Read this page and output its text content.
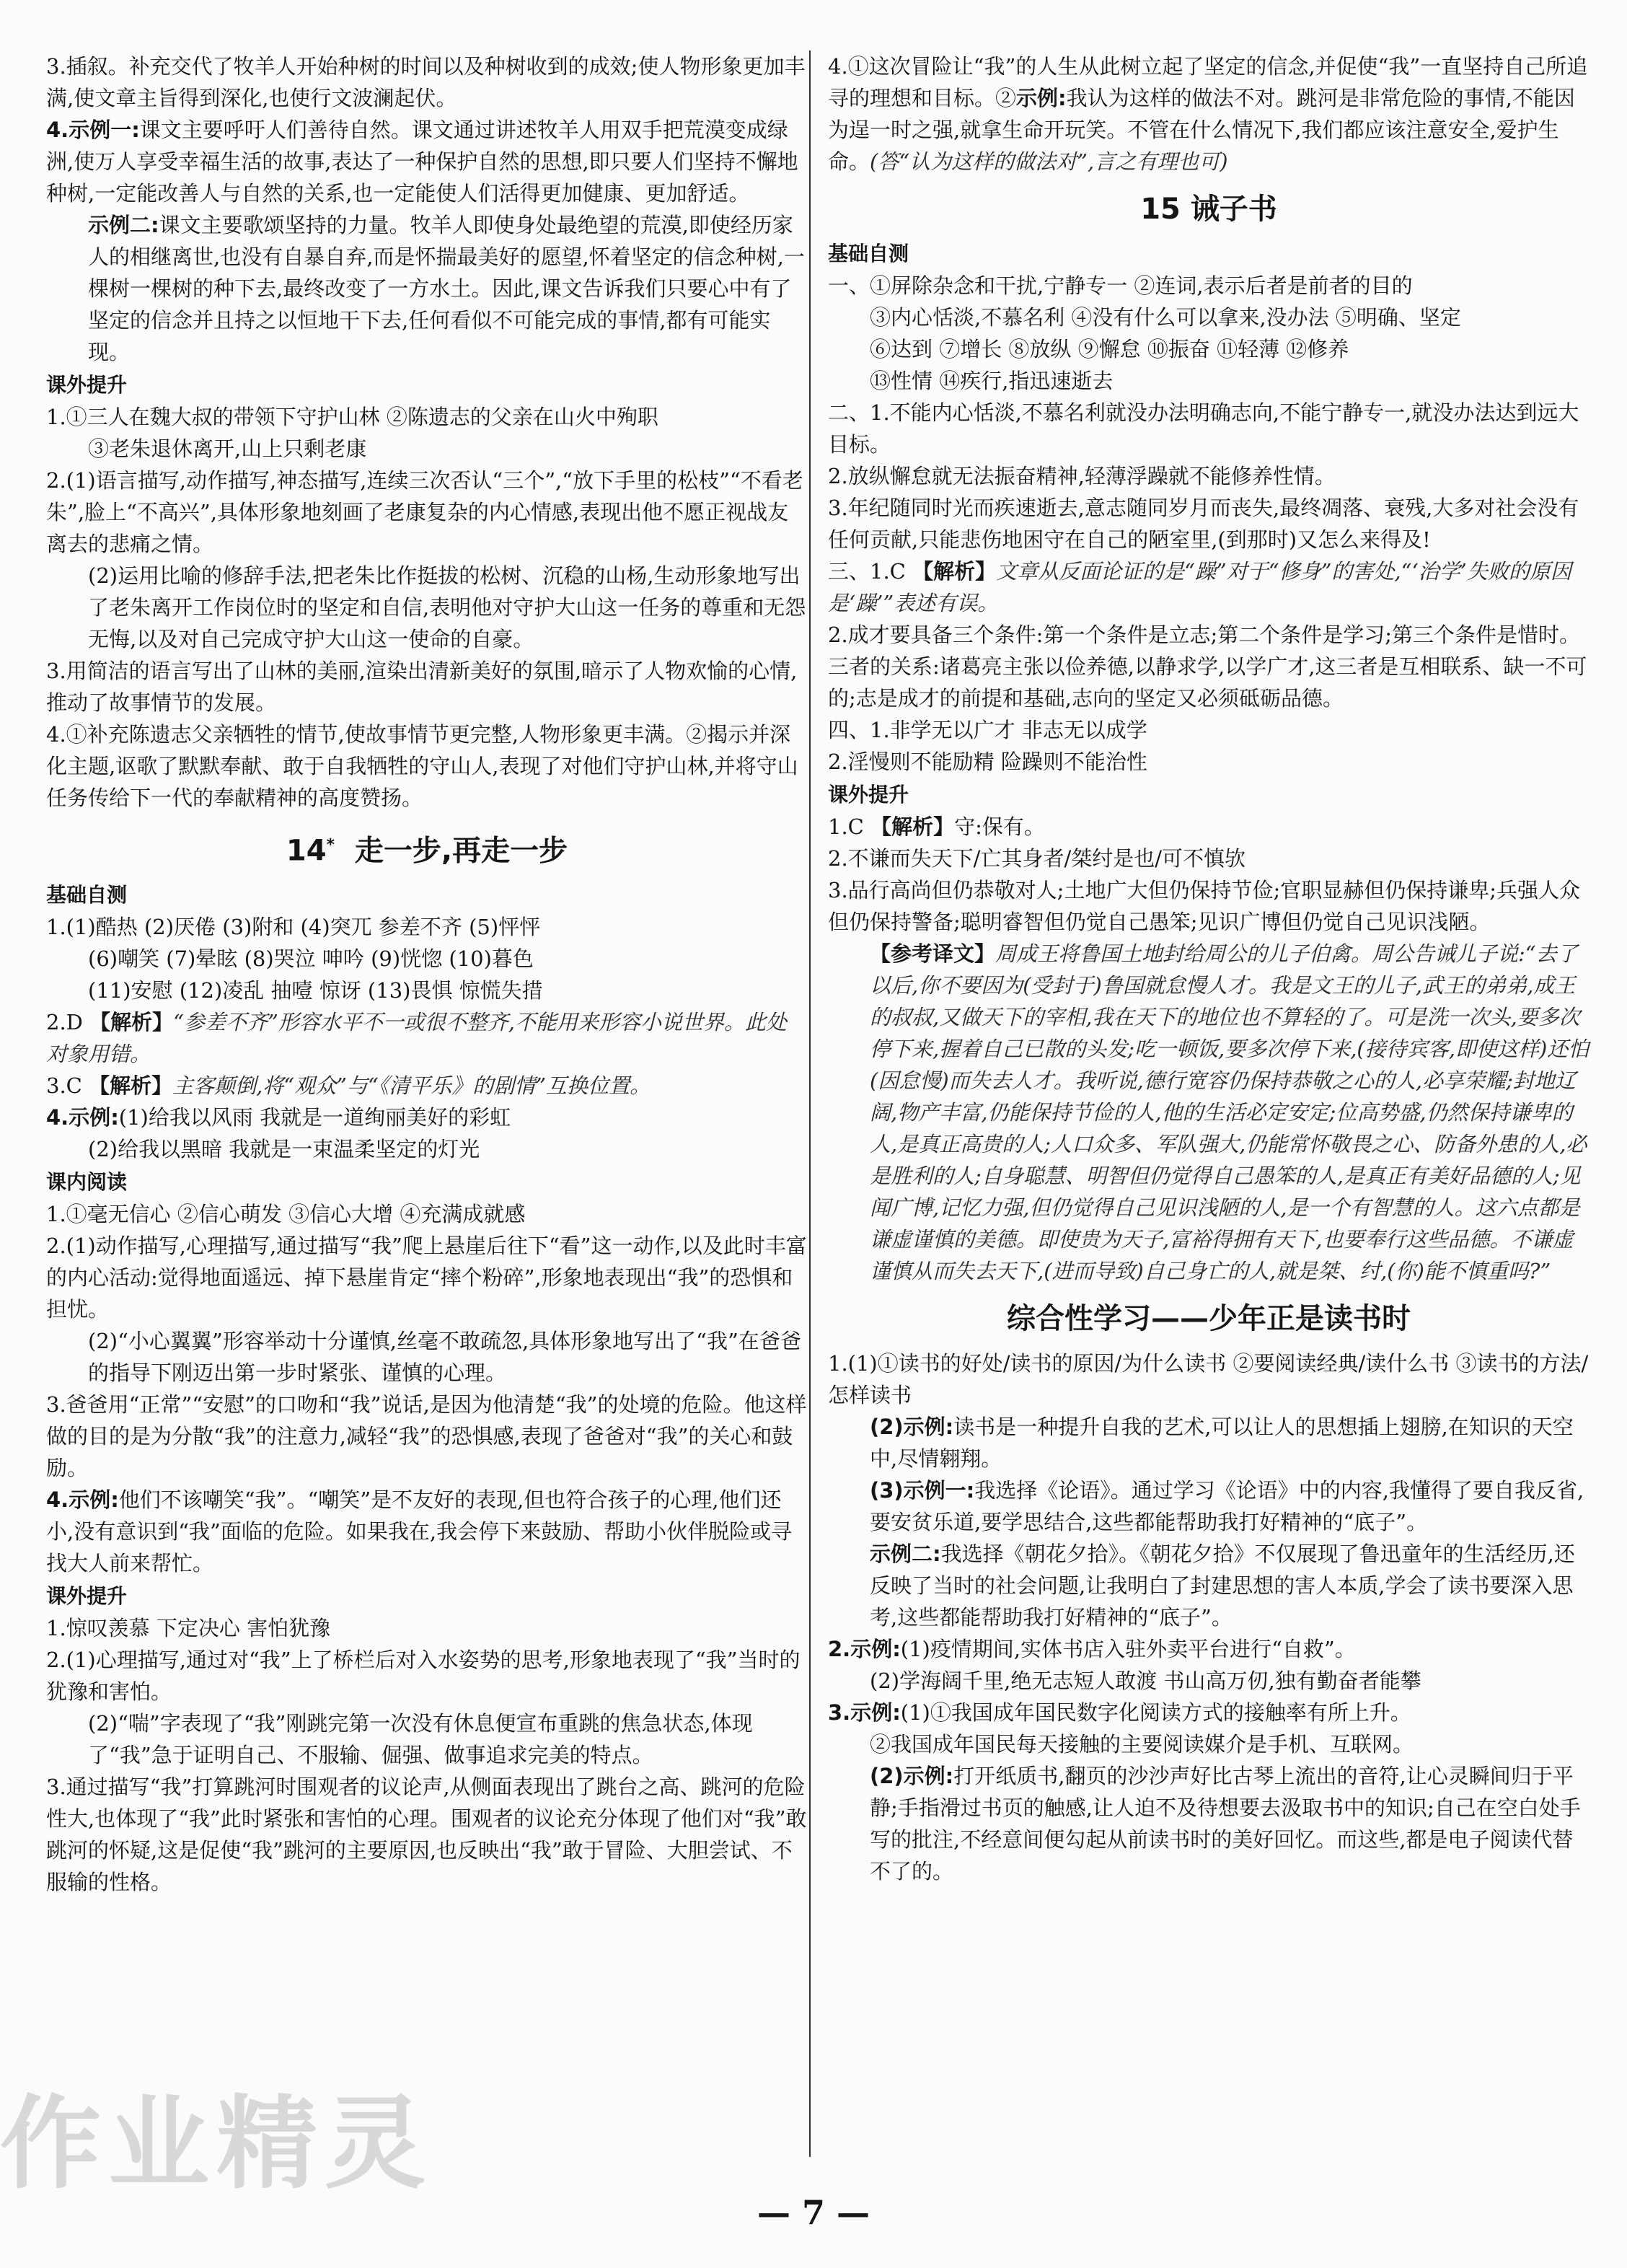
3.插叙。补充交代了牧羊人开始种树的时间以及种树收到的成效;使人物形象更加丰满,使文章主旨得到深化,也使行文波澜起伏。

4.示例一:课文主要呼吁人们善待自然。课文通过讲述牧羊人用双手把荒漠变成绿洲,使万人享受幸福生活的故事,表达了一种保护自然的思想,即只要人们坚持不懈地种树,一定能改善人与自然的关系,也一定能使人们活得更加健康、更加舒适。

示例二:课文主要歌颂坚持的力量。牧羊人即使身处最绝望的荒漠,即使经历家人的相继离世,也没有自暴自弃,而是怀揣最美好的愿望,怀着坚定的信念种树,一棵树一棵树的种下去,最终改变了一方水土。因此,课文告诉我们只要心中有了坚定的信念并且持之以恒地干下去,任何看似不可能完成的事情,都有可能实现。

课外提升

1.①三人在魏大叔的带领下守护山林 ②陈遗志的父亲在山火中殉职

③老朱退休离开,山上只剩老康

2.(1)语言描写,动作描写,神态描写,连续三次否认“三个”,“放下手里的松枝”“不看老朱”,脸上“不高兴”,具体形象地刻画了老康复杂的内心情感,表现出他不愿正视战友离去的悲痛之情。

(2)运用比喻的修辞手法,把老朱比作挺拔的松树、沉稳的山杨,生动形象地写出了老朱离开工作岗位时的坚定和自信,表明他对守护大山这一任务的尊重和无怨无悔,以及对自己完成守护大山这一使命的自豪。

3.用简洁的语言写出了山林的美丽,渲染出清新美好的氛围,暗示了人物欢愉的心情,推动了故事情节的发展。

4.①补充陈遗志父亲牺牲的情节,使故事情节更完整,人物形象更丰满。②揭示并深化主题,讴歌了默默奉献、敢于自我牺牲的守山人,表现了对他们守护山林,并将守山任务传给下一代的奉献精神的高度赞扬。

14* 走一步,再走一步
基础自测

1.(1)酷热 (2)厌倦 (3)附和 (4)突兀 参差不齐 (5)怦怦

(6)嘲笑 (7)晕眩 (8)哭泣 呻吟 (9)恍惚 (10)暮色

(11)安慰 (12)凌乱 抽噎 惊讶 (13)畏惧 惊慌失措

2.D 【解析】“参差不齐”形容水平不一或很不整齐,不能用来形容小说世界。此处对象用错。

3.C 【解析】主客颠倒,将“观众”与“《清平乐》的剧情”互换位置。

4.示例:(1)给我以风雨 我就是一道绚丽美好的彩虹

(2)给我以黑暗 我就是一束温柔坚定的灯光

课内阅读

1.①毫无信心 ②信心萌发 ③信心大增 ④充满成就感

2.(1)动作描写,心理描写,通过描写“我”爬上悬崖后往下“看”这一动作,以及此时丰富的内心活动:觉得地面遥远、掉下悬崖肯定“摔个粉碎”,形象地表现出“我”的恐惧和担忧。

(2)“小心翼翼”形容举动十分谨慎,丝毫不敢疏忽,具体形象地写出了“我”在爸爸的指导下刚迈出第一步时紧张、谨慎的心理。

3.爸爸用“正常”“安慰”的口吻和“我”说话,是因为他清楚“我”的处境的危险。他这样做的目的是为分散“我”的注意力,减轻“我”的恐惧感,表现了爸爸对“我”的关心和鼓励。

4.示例:他们不该嘲笑“我”。“嘲笑”是不友好的表现,但也符合孩子的心理,他们还小,没有意识到“我”面临的危险。如果我在,我会停下来鼓励、帮助小伙伴脱险或寻找大人前来帮忙。

课外提升

1.惊叹羡慕 下定决心 害怕犹豫

2.(1)心理描写,通过对“我”上了桥栏后对入水姿势的思考,形象地表现了“我”当时的犹豫和害怕。

(2)“喘”字表现了“我”刚跳完第一次没有休息便宣布重跳的焦急状态,体现了“我”急于证明自己、不服输、倔强、做事追求完美的特点。

3.通过描写“我”打算跳河时围观者的议论声,从侧面表现出了跳台之高、跳河的危险性大,也体现了“我”此时紧张和害怕的心理。围观者的议论充分体现了他们对“我”敢跳河的怀疑,这是促使“我”跳河的主要原因,也反映出“我”敢于冒险、大胆尝试、不服输的性格。

4.①这次冒险让“我”的人生从此树立起了坚定的信念,并促使“我”一直坚持自己所追寻的理想和目标。②示例:我认为这样的做法不对。跳河是非常危险的事情,不能因为逞一时之强,就拿生命开玩笑。不管在什么情况下,我们都应该注意安全,爱护生命。(答“认为这样的做法对”,言之有理也可)

15 诫子书
基础自测

一、①屏除杂念和干扰,宁静专一 ②连词,表示后者是前者的目的

③内心恬淡,不慕名利 ④没有什么可以拿来,没办法 ⑤明确、坚定

⑥达到 ⑦增长 ⑧放纵 ⑨懈怠 ⑩振奋 ⑪轻薄 ⑫修养

⑬性情 ⑭疾行,指迅速逝去

二、1.不能内心恬淡,不慕名利就没办法明确志向,不能宁静专一,就没办法达到远大目标。

2.放纵懈怠就无法振奋精神,轻薄浮躁就不能修养性情。

3.年纪随同时光而疾速逝去,意志随同岁月而丧失,最终凋落、衰残,大多对社会没有任何贡献,只能悲伤地困守在自己的陋室里,(到那时)又怎么来得及!

三、1.C 【解析】文章从反面论证的是“躁”对于“修身”的害处,“‘治学’失败的原因是‘躁’”表述有误。

2.成才要具备三个条件:第一个条件是立志;第二个条件是学习;第三个条件是惜时。三者的关系:诸葛亮主张以俭养德,以静求学,以学广才,这三者是互相联系、缺一不可的;志是成才的前提和基础,志向的坚定又必须砥砺品德。

四、1.非学无以广才 非志无以成学

2.淫慢则不能励精 险躁则不能治性

课外提升

1.C 【解析】守:保有。

2.不谦而失天下/亡其身者/桀纣是也/可不慎欤

3.品行高尚但仍恭敬对人;土地广大但仍保持节俭;官职显赫但仍保持谦卑;兵强人众但仍保持警备;聪明睿智但仍觉自己愚笨;见识广博但仍觉自己见识浅陋。

【参考译文】周成王将鲁国土地封给周公的儿子伯禽。周公告诫儿子说:“去了以后,你不要因为(受封于)鲁国就怠慢人才。我是文王的儿子,武王的弟弟,成王的叔叔,又做天下的宰相,我在天下的地位也不算轻的了。可是洗一次头,要多次停下来,握着自己已散的头发;吃一顿饭,要多次停下来,(接待宾客,即使这样)还怕(因怠慢)而失去人才。我听说,德行宽容仍保持恭敬之心的人,必享荣耀;封地辽阔,物产丰富,仍能保持节俭的人,他的生活必定安定;位高势盛,仍然保持谦卑的人,是真正高贵的人;人口众多、军队强大,仍能常怀敬畏之心、防备外患的人,必是胜利的人;自身聪慧、明智但仍觉得自己愚笨的人,是真正有美好品德的人;见闻广博,记忆力强,但仍觉得自己见识浅陋的人,是一个有智慧的人。这六点都是谦虚谨慎的美德。即使贵为天子,富裕得拥有天下,也要奉行这些品德。不谦虚谨慎从而失去天下,(进而导致)自己身亡的人,就是桀、纣,(你)能不慎重吗?”

综合性学习——少年正是读书时

1.(1)①读书的好处/读书的原因/为什么读书 ②要阅读经典/读什么书 ③读书的方法/怎样读书

(2)示例:读书是一种提升自我的艺术,可以让人的思想插上翅膀,在知识的天空中,尽情翱翔。

(3)示例一:我选择《论语》。通过学习《论语》中的内容,我懂得了要自我反省,要安贫乐道,要学思结合,这些都能帮助我打好精神的“底子”。

示例二:我选择《朝花夕拾》。《朝花夕拾》不仅展现了鲁迅童年的生活经历,还反映了当时的社会问题,让我明白了封建思想的害人本质,学会了读书要深入思考,这些都能帮助我打好精神的“底子”。

2.示例:(1)疫情期间,实体书店入驻外卖平台进行“自救”。

(2)学海阔千里,绝无志短人敢渡 书山高万仞,独有勤奋者能攀

3.示例:(1)①我国成年国民数字化阅读方式的接触率有所上升。

②我国成年国民每天接触的主要阅读媒介是手机、互联网。

(2)示例:打开纸质书,翻页的沙沙声好比古琴上流出的音符,让心灵瞬间归于平静;手指滑过书页的触感,让人迫不及待想要去汲取书中的知识;自己在空白处手写的批注,不经意间便勾起从前读书时的美好回忆。而这些,都是电子阅读代替不了的。

作业精灵
— 7 —
